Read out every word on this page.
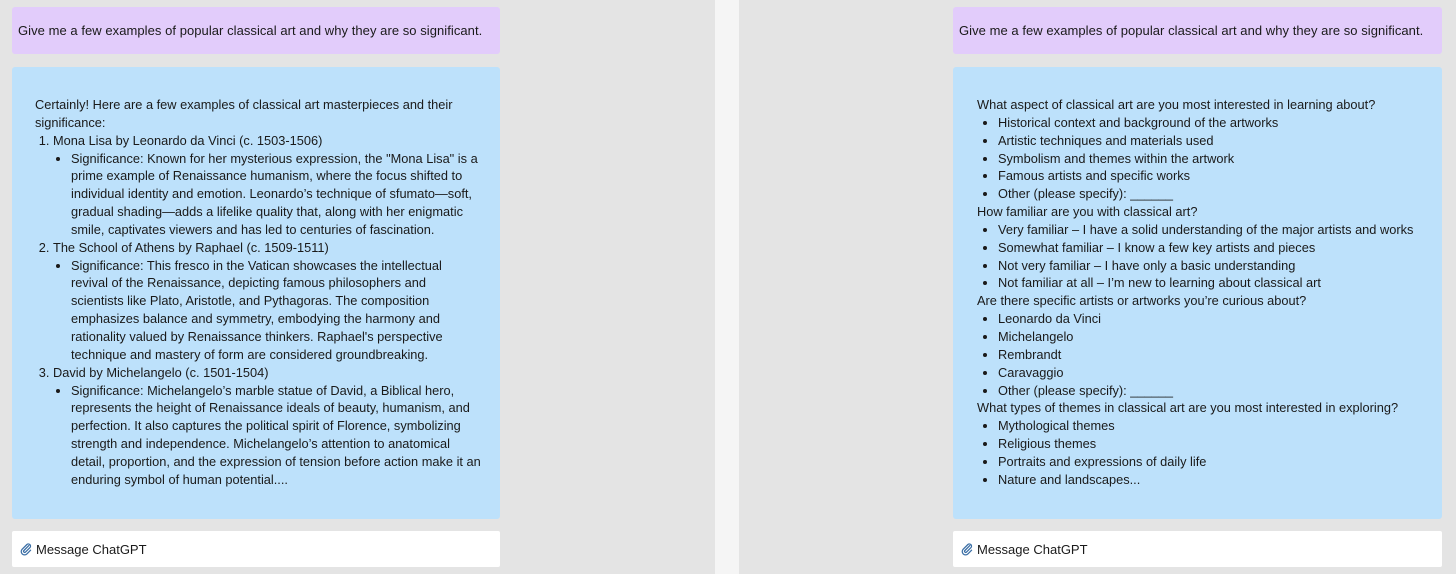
Give me a few examples of popular classical art and why they are so significant.

Certainly! Here are a few examples of classical art masterpieces and their significance:

1. Mona Lisa by Leonardo da Vinci (c. 1503-1506)
• Significance: Known for her mysterious expression, the "Mona Lisa" is a prime example of Renaissance humanism, where the focus shifted to individual identity and emotion. Leonardo’s technique of sfumato—soft, gradual shading—adds a lifelike quality that, along with her enigmatic smile, captivates viewers and has led to centuries of fascination.
2. The School of Athens by Raphael (c. 1509-1511)
• Significance: This fresco in the Vatican showcases the intellectual revival of the Renaissance, depicting famous philosophers and scientists like Plato, Aristotle, and Pythagoras. The composition emphasizes balance and symmetry, embodying the harmony and rationality valued by Renaissance thinkers. Raphael's perspective technique and mastery of form are considered groundbreaking.
3. David by Michelangelo (c. 1501-1504)
• Significance: Michelangelo’s marble statue of David, a Biblical hero, represents the height of Renaissance ideals of beauty, humanism, and perfection. It also captures the political spirit of Florence, symbolizing strength and independence. Michelangelo’s attention to anatomical detail, proportion, and the expression of tension before action make it an enduring symbol of human potential....
Message ChatGPT
Give me a few examples of popular classical art and why they are so significant.

What aspect of classical art are you most interested in learning about?

• Historical context and background of the artworks
• Artistic techniques and materials used
• Symbolism and themes within the artwork
• Famous artists and specific works
• Other (please specify): ______

How familiar are you with classical art?

• Very familiar – I have a solid understanding of the major artists and works
• Somewhat familiar – I know a few key artists and pieces
• Not very familiar – I have only a basic understanding
• Not familiar at all – I’m new to learning about classical art

Are there specific artists or artworks you’re curious about?

• Leonardo da Vinci
• Michelangelo
• Rembrandt
• Caravaggio
• Other (please specify): ______

What types of themes in classical art are you most interested in exploring?

• Mythological themes
• Religious themes
• Portraits and expressions of daily life
• Nature and landscapes...
Message ChatGPT
